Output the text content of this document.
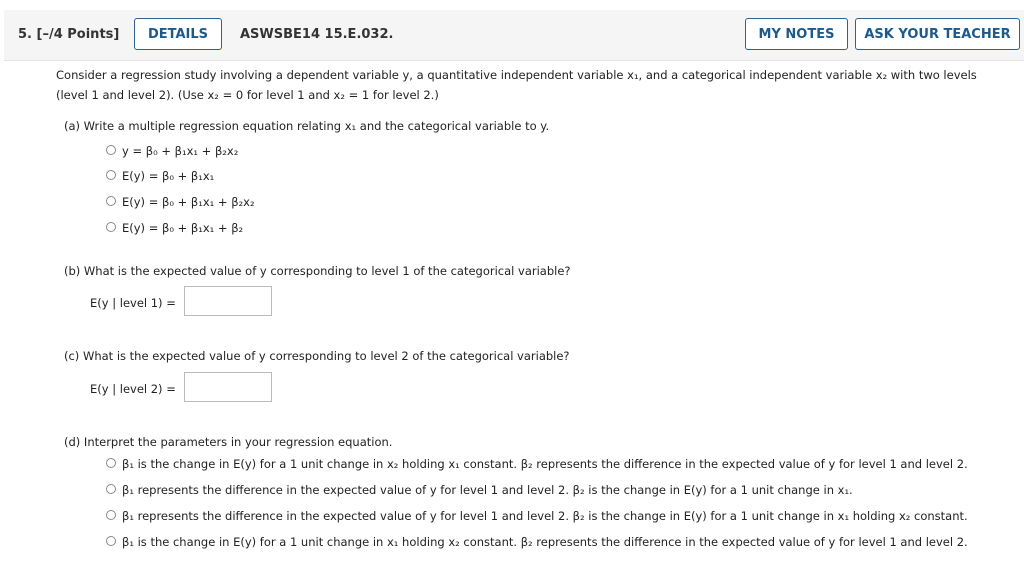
5. [–/4 Points]	DETAILS	ASWSBE14 15.E.032.	MY NOTES	ASK YOUR TEACHER
Consider a regression study involving a dependent variable y, a quantitative independent variable x₁, and a categorical independent variable x₂ with two levels
(level 1 and level 2). (Use x₂ = 0 for level 1 and x₂ = 1 for level 2.)
(a) Write a multiple regression equation relating x₁ and the categorical variable to y.
y = β₀ + β₁x₁ + β₂x₂
E(y) = β₀ + β₁x₁
E(y) = β₀ + β₁x₁ + β₂x₂
E(y) = β₀ + β₁x₁ + β₂
(b) What is the expected value of y corresponding to level 1 of the categorical variable?
E(y | level 1) =
(c) What is the expected value of y corresponding to level 2 of the categorical variable?
E(y | level 2) =
(d) Interpret the parameters in your regression equation.
β₁ is the change in E(y) for a 1 unit change in x₂ holding x₁ constant. β₂ represents the difference in the expected value of y for level 1 and level 2.
β₁ represents the difference in the expected value of y for level 1 and level 2. β₂ is the change in E(y) for a 1 unit change in x₁.
β₁ represents the difference in the expected value of y for level 1 and level 2. β₂ is the change in E(y) for a 1 unit change in x₁ holding x₂ constant.
β₁ is the change in E(y) for a 1 unit change in x₁ holding x₂ constant. β₂ represents the difference in the expected value of y for level 1 and level 2.
